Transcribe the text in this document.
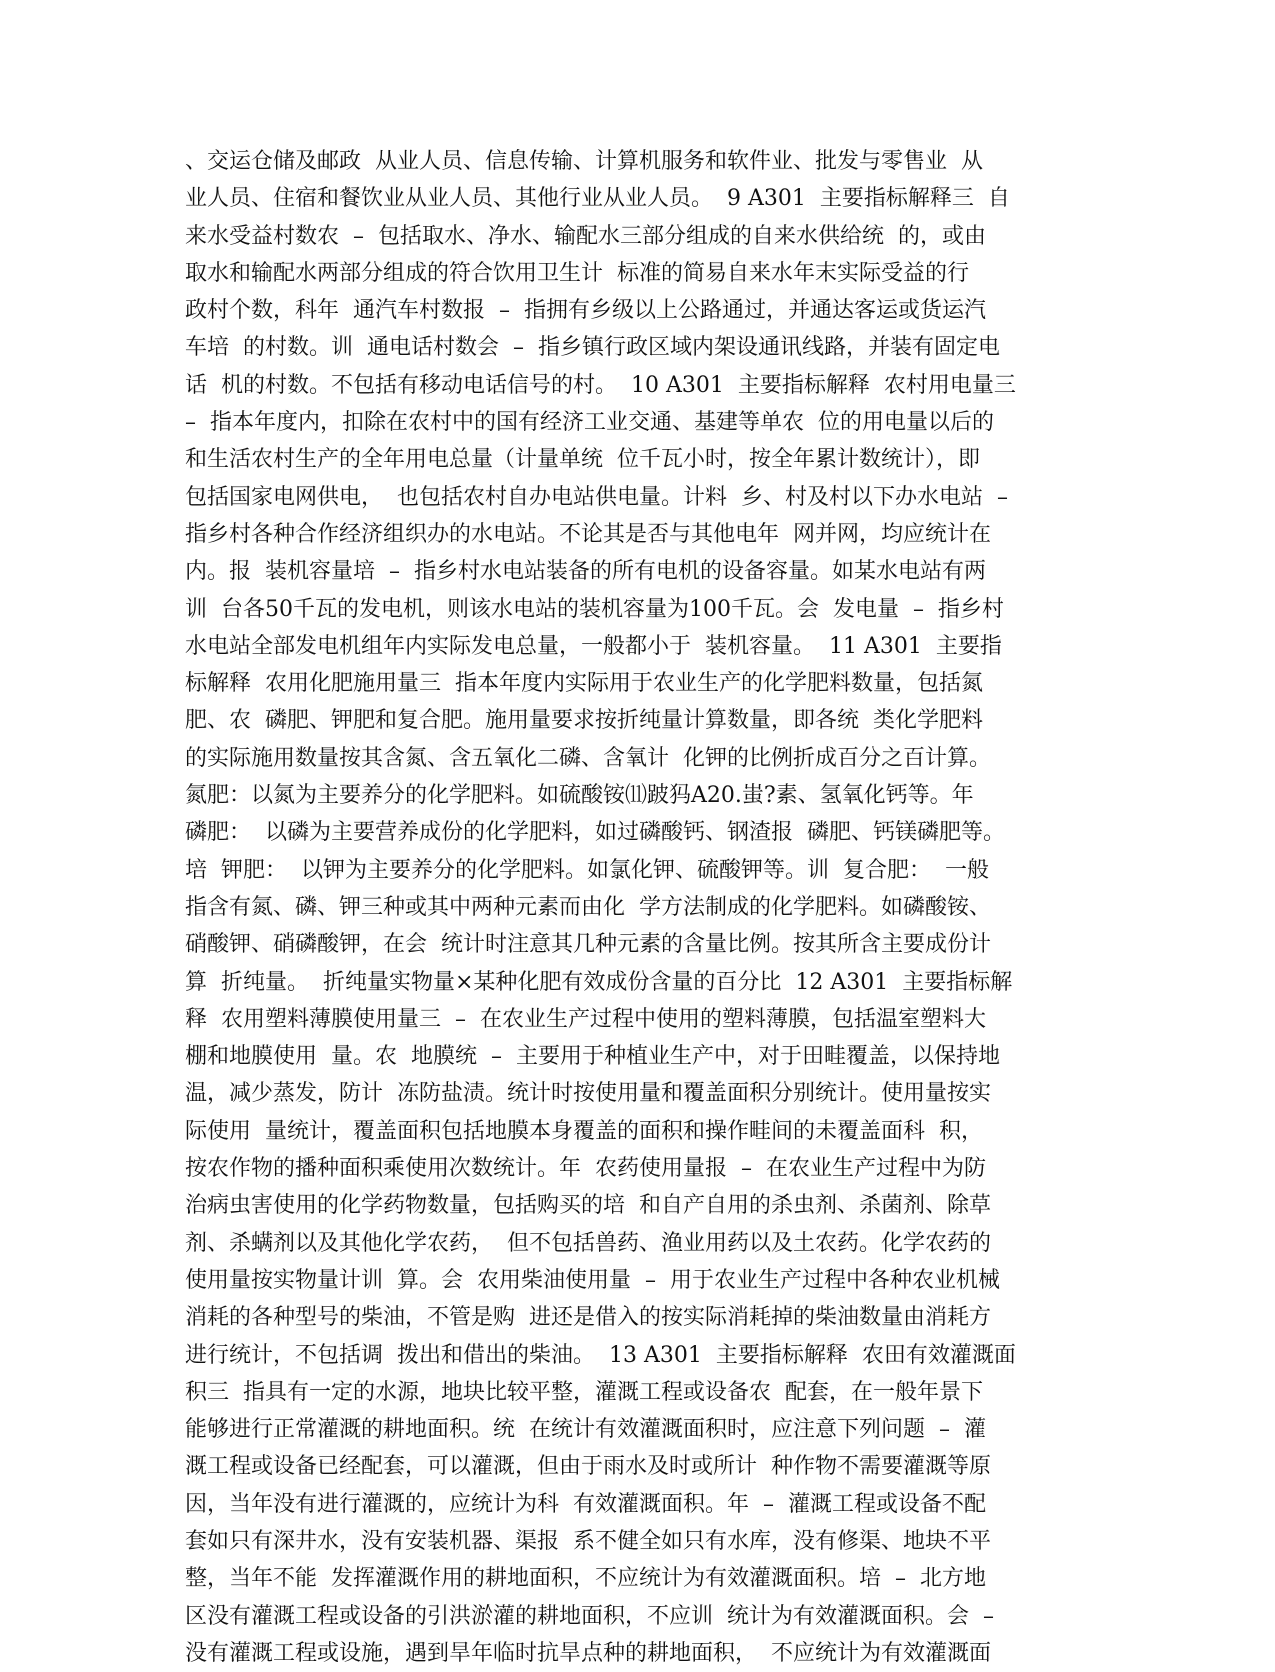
、交运仓储及邮政  从业人员、信息传输、计算机服务和软件业、批发与零售业  从
业人员、住宿和餐饮业从业人员、其他行业从业人员。  9 A301  主要指标解释三  自
来水受益村数农  –  包括取水、净水、输配水三部分组成的自来水供给统  的，或由
取水和输配水两部分组成的符合饮用卫生计  标准的简易自来水年末实际受益的行
政村个数，科年  通汽车村数报  –  指拥有乡级以上公路通过，并通达客运或货运汽
车培  的村数。训  通电话村数会  –  指乡镇行政区域内架设通讯线路，并装有固定电
话  机的村数。不包括有移动电话信号的村。  10 A301  主要指标解释  农村用电量三
–  指本年度内，扣除在农村中的国有经济工业交通、基建等单农  位的用电量以后的
和生活农村生产的全年用电总量（计量单统  位千瓦小时，按全年累计数统计），即
包括国家电网供电，  也包括农村自办电站供电量。计料  乡、村及村以下办水电站  –
指乡村各种合作经济组织办的水电站。不论其是否与其他电年  网并网，均应统计在
内。报  装机容量培  –  指乡村水电站装备的所有电机的设备容量。如某水电站有两
训  台各50千瓦的发电机，则该水电站的装机容量为100千瓦。会  发电量  –  指乡村
水电站全部发电机组年内实际发电总量，一般都小于  装机容量。  11 A301  主要指
标解释  农用化肥施用量三  指本年度内实际用于农业生产的化学肥料数量，包括氮
肥、农  磷肥、钾肥和复合肥。施用量要求按折纯量计算数量，即各统  类化学肥料
的实际施用数量按其含氮、含五氧化二磷、含氧计  化钾的比例折成百分之百计算。
氮肥：以氮为主要养分的化学肥料。如硫酸铵⑾跛犸A20.蚩?素、氢氧化钙等。年
磷肥：  以磷为主要营养成份的化学肥料，如过磷酸钙、钢渣报  磷肥、钙镁磷肥等。
培  钾肥：  以钾为主要养分的化学肥料。如氯化钾、硫酸钾等。训  复合肥：  一般
指含有氮、磷、钾三种或其中两种元素而由化  学方法制成的化学肥料。如磷酸铵、
硝酸钾、硝磷酸钾，在会  统计时注意其几种元素的含量比例。按其所含主要成份计
算  折纯量。  折纯量实物量×某种化肥有效成份含量的百分比  12 A301  主要指标解
释  农用塑料薄膜使用量三  –  在农业生产过程中使用的塑料薄膜，包括温室塑料大
棚和地膜使用  量。农  地膜统  –  主要用于种植业生产中，对于田畦覆盖，以保持地
温，减少蒸发，防计  冻防盐渍。统计时按使用量和覆盖面积分别统计。使用量按实
际使用  量统计，覆盖面积包括地膜本身覆盖的面积和操作畦间的未覆盖面科  积，
按农作物的播种面积乘使用次数统计。年  农药使用量报  –  在农业生产过程中为防
治病虫害使用的化学药物数量，包括购买的培  和自产自用的杀虫剂、杀菌剂、除草
剂、杀螨剂以及其他化学农药，  但不包括兽药、渔业用药以及土农药。化学农药的
使用量按实物量计训  算。会  农用柴油使用量  –  用于农业生产过程中各种农业机械
消耗的各种型号的柴油，不管是购  进还是借入的按实际消耗掉的柴油数量由消耗方
进行统计，不包括调  拨出和借出的柴油。  13 A301  主要指标解释  农田有效灌溉面
积三  指具有一定的水源，地块比较平整，灌溉工程或设备农  配套，在一般年景下
能够进行正常灌溉的耕地面积。统  在统计有效灌溉面积时，应注意下列问题  –  灌
溉工程或设备已经配套，可以灌溉，但由于雨水及时或所计  种作物不需要灌溉等原
因，当年没有进行灌溉的，应统计为科  有效灌溉面积。年  –  灌溉工程或设备不配
套如只有深井水，没有安装机器、渠报  系不健全如只有水库，没有修渠、地块不平
整，当年不能  发挥灌溉作用的耕地面积，不应统计为有效灌溉面积。培  –  北方地
区没有灌溉工程或设备的引洪淤灌的耕地面积，不应训  统计为有效灌溉面积。会  –
没有灌溉工程或设施，遇到旱年临时抗旱点种的耕地面积，  不应统计为有效灌溉面
